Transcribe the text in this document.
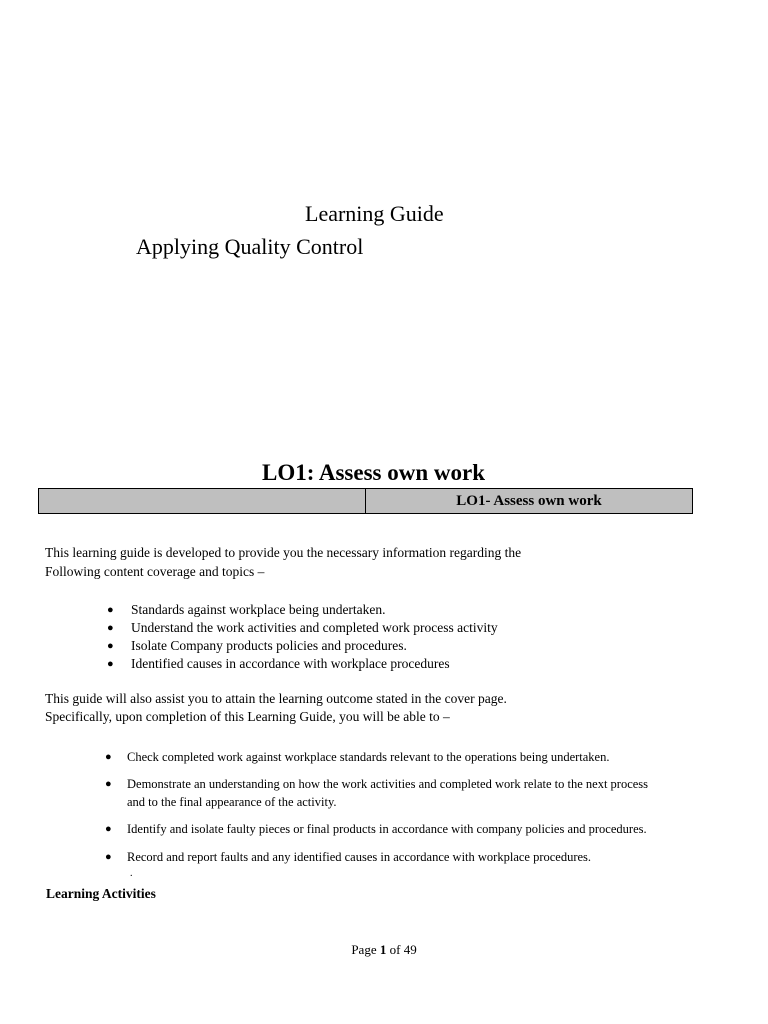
Learning Guide
Applying Quality Control
LO1: Assess own work
LO1- Assess own work
This learning guide is developed to provide you the necessary information regarding the
Following content coverage and topics –
● Standards against workplace being undertaken.
● Understand the work activities and completed work process activity
● Isolate Company products policies and procedures.
● Identified causes in accordance with workplace procedures
This guide will also assist you to attain the learning outcome stated in the cover page.
Specifically, upon completion of this Learning Guide, you will be able to –
● Check completed work against workplace standards relevant to the operations being undertaken.
● Demonstrate an understanding on how the work activities and completed work relate to the next process
and to the final appearance of the activity.
● Identify and isolate faulty pieces or final products in accordance with company policies and procedures.
● Record and report faults and any identified causes in accordance with workplace procedures.
.
Learning Activities
Page 1 of 49
